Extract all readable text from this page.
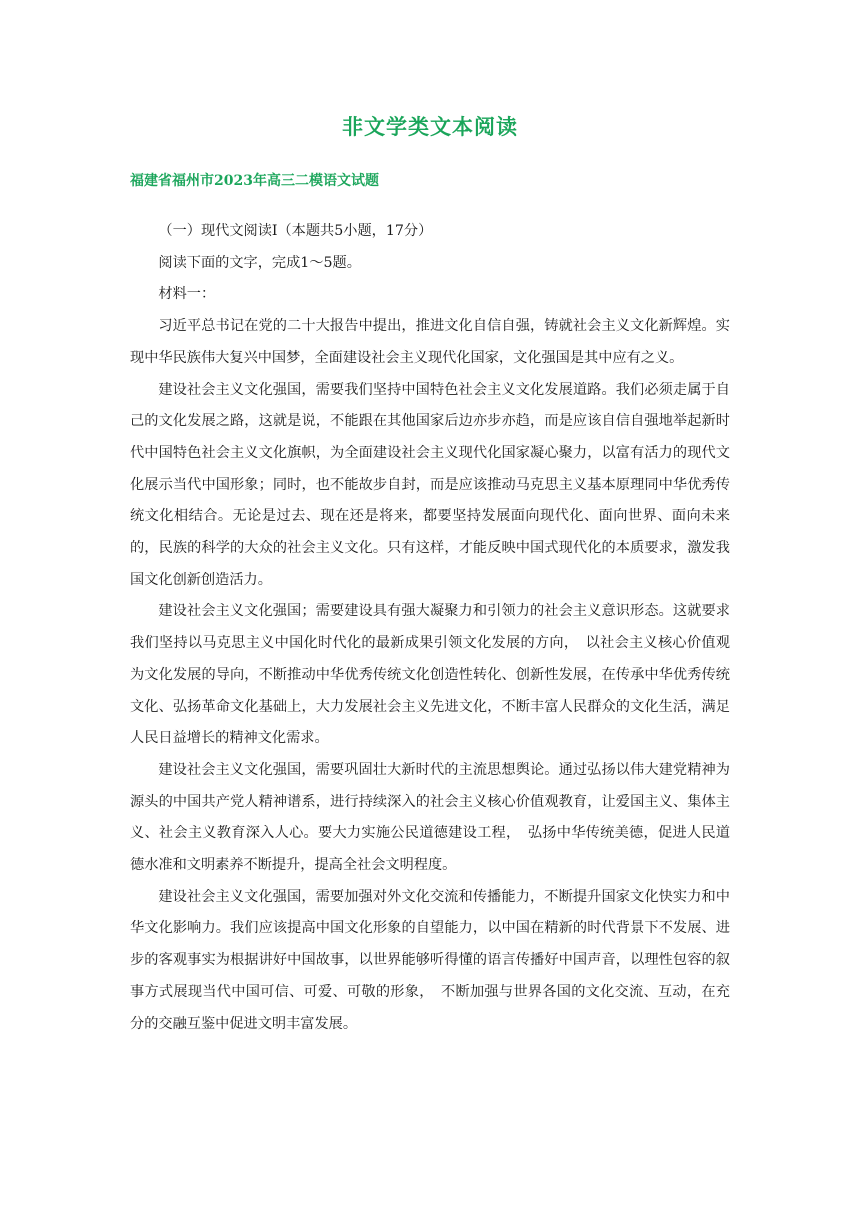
非文学类文本阅读
福建省福州市2023年高三二模语文试题

（一）现代文阅读Ⅰ（本题共5小题，17分）

阅读下面的文字，完成1～5题。

材料一：

习近平总书记在党的二十大报告中提出，推进文化自信自强，铸就社会主义文化新辉煌。实现中华民族伟大复兴中国梦，全面建设社会主义现代化国家，文化强国是其中应有之义。

建设社会主义文化强国，需要我们坚持中国特色社会主义文化发展道路。我们必须走属于自己的文化发展之路，这就是说，不能跟在其他国家后边亦步亦趋，而是应该自信自强地举起新时代中国特色社会主义文化旗帜，为全面建设社会主义现代化国家凝心聚力，以富有活力的现代文化展示当代中国形象；同时，也不能故步自封，而是应该推动马克思主义基本原理同中华优秀传统文化相结合。无论是过去、现在还是将来，都要坚持发展面向现代化、面向世界、面向未来的，民族的科学的大众的社会主义文化。只有这样，才能反映中国式现代化的本质要求，激发我国文化创新创造活力。

建设社会主义文化强国；需要建设具有强大凝聚力和引领力的社会主义意识形态。这就要求我们坚持以马克思主义中国化时代化的最新成果引领文化发展的方向，　以社会主义核心价值观为文化发展的导向，不断推动中华优秀传统文化创造性转化、创新性发展，在传承中华优秀传统文化、弘扬革命文化基础上，大力发展社会主义先进文化，不断丰富人民群众的文化生活，满足人民日益增长的精神文化需求。

建设社会主义文化强国，需要巩固壮大新时代的主流思想舆论。通过弘扬以伟大建党精神为源头的中国共产党人精神谱系，进行持续深入的社会主义核心价值观教育，让爱国主义、集体主义、社会主义教育深入人心。要大力实施公民道德建设工程，　弘扬中华传统美德，促进人民道德水准和文明素养不断提升，提高全社会文明程度。

建设社会主义文化强国，需要加强对外文化交流和传播能力，不断提升国家文化快实力和中华文化影响力。我们应该提高中国文化形象的自望能力，以中国在精新的时代背景下不发展、进步的客观事实为根据讲好中国故事，以世界能够听得懂的语言传播好中国声音，以理性包容的叙事方式展现当代中国可信、可爱、可敬的形象，　不断加强与世界各国的文化交流、互动，在充分的交融互鉴中促进文明丰富发展。
